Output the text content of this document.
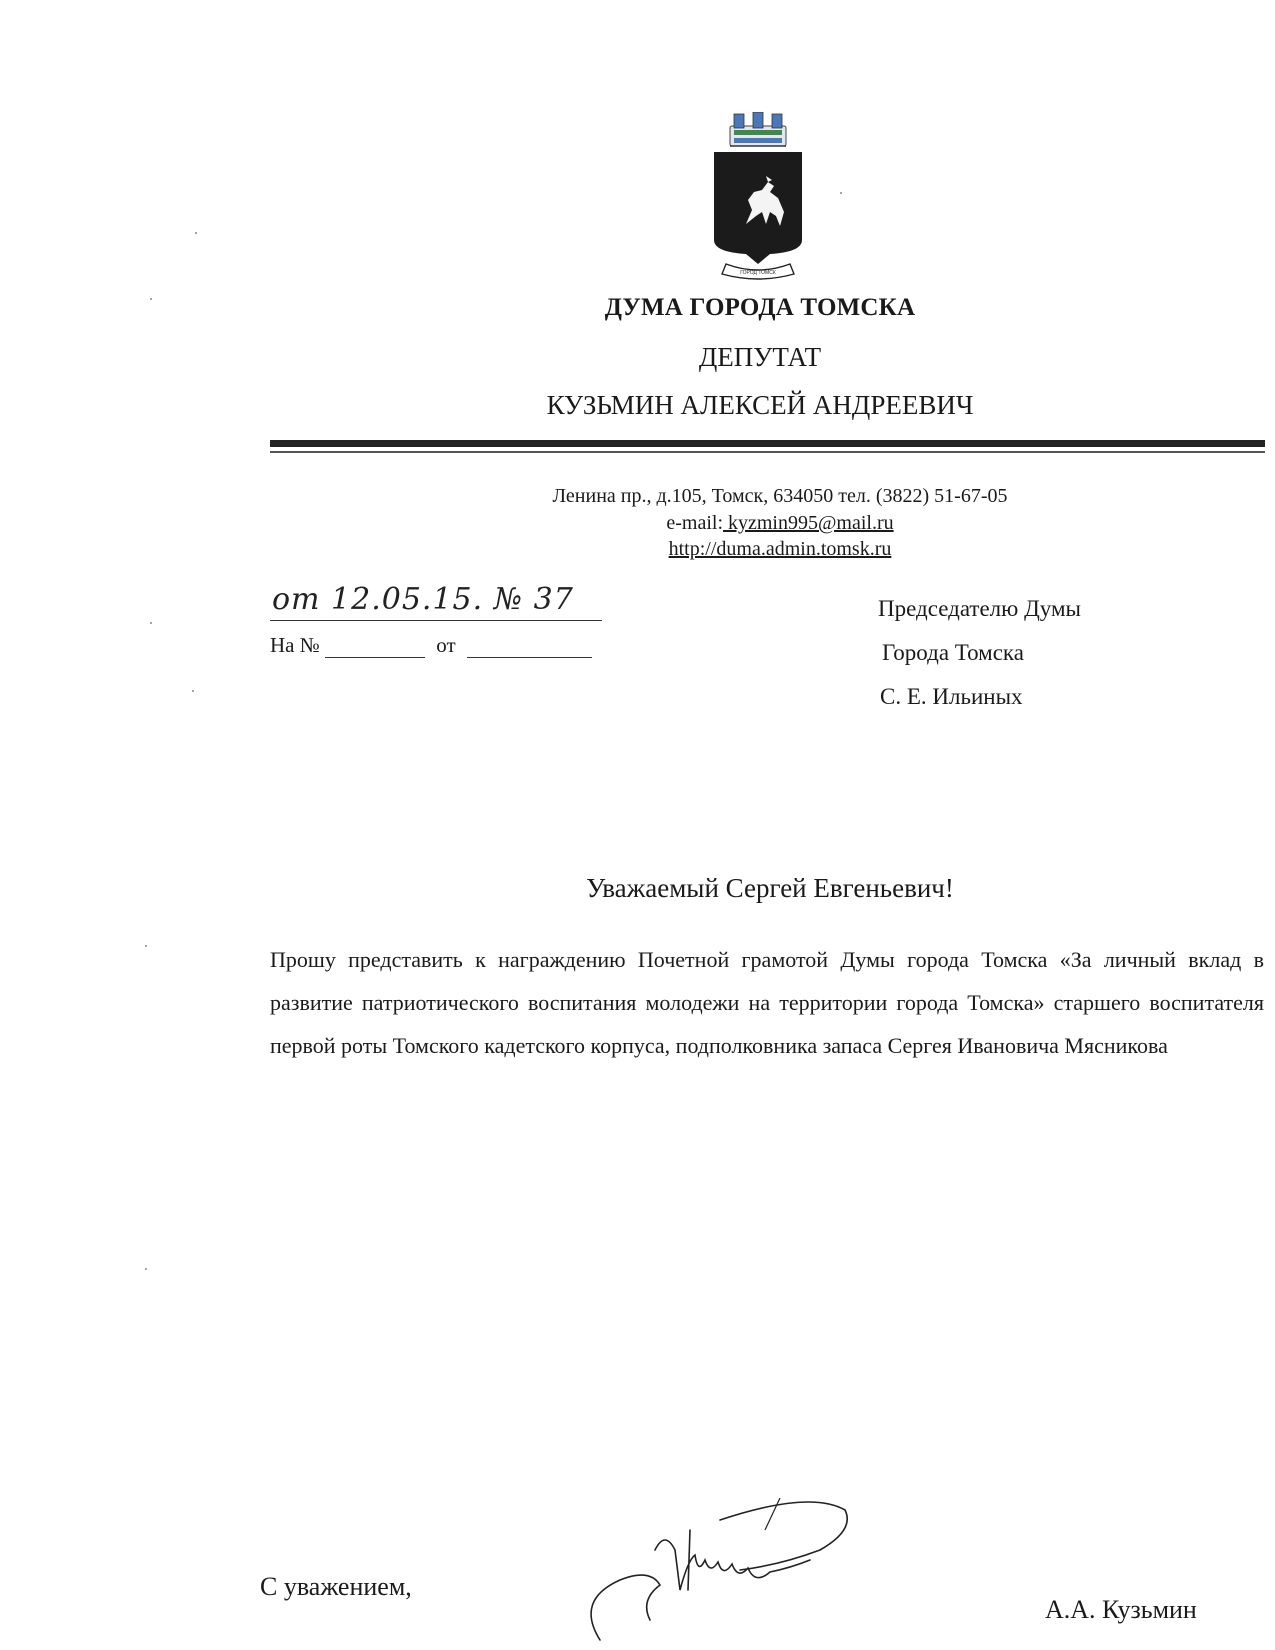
ГОРОД ТОМСК
ДУМА ГОРОДА ТОМСКА
ДЕПУТАТ
КУЗЬМИН АЛЕКСЕЙ АНДРЕЕВИЧ
Ленина пр., д.105, Томск, 634050 тел. (3822) 51-67-05
e-mail: kyzmin995@mail.ru
http://duma.admin.tomsk.ru
от 12.05.15. № 37
На №	от
Председателю Думы
Города Томска
С. Е. Ильиных
Уважаемый Сергей Евгеньевич!
Прошу представить к награждению Почетной грамотой Думы города Томска «За личный вклад в развитие патриотического воспитания молодежи на территории города Томска» старшего воспитателя первой роты Томского кадетского корпуса, подполковника запаса Сергея Ивановича Мясникова
С уважением,
А.А. Кузьмин
